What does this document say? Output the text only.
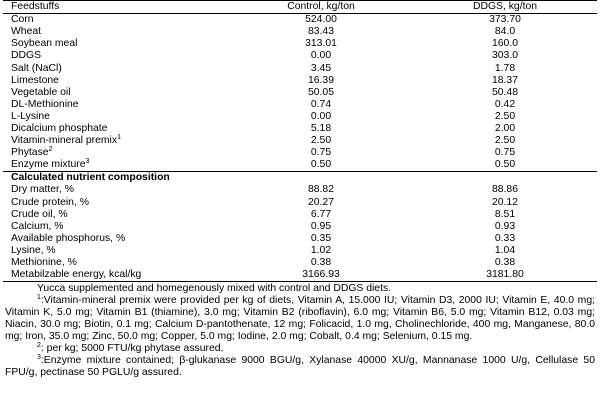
Feedstuffs	Control, kg/ton	DDGS, kg/ton
Corn	524.00	373.70
Wheat	83.43	84.0
Soybean meal	313.01	160.0
DDGS	0.00	303.0
Salt (NaCl)	3.45	1.78
Limestone	16.39	18.37
Vegetable oil	50.05	50.48
DL-Methionine	0.74	0.42
L-Lysine	0.00	2.50
Dicalcium phosphate	5.18	2.00
Vitamin-mineral premix$^1$	2.50	2.50
Phytase$^2$	0.75	0.75
Enzyme mixture$^3$	0.50	0.50
Calculated nutrient composition		
Dry matter, %	88.82	88.86
Crude protein, %	20.27	20.12
Crude oil, %	6.77	8.51
Calcium, %	0.95	0.93
Available phosphorus, %	0.35	0.33
Lysine, %	1.02	1.04
Methionine, %	0.38	0.38
Metabilzable energy, kcal/kg	3166.93	3181.80

Yucca supplemented and homegenously mixed with control and DDGS diets.

$^1$:Vitamin-mineral premix were provided per kg of diets, Vitamin A, 15.000 IU; Vitamin D3, 2000 IU; Vitamin E, 40.0 mg; Vitamin K, 5.0 mg; Vitamin B1 (thiamine), 3.0 mg; Vitamin B2 (riboflavin), 6.0 mg; Vitamin B6, 5.0 mg; Vitamin B12, 0.03 mg; Niacin, 30.0 mg; Biotin, 0.1 mg; Calcium D-pantothenate, 12 mg; Folicacid, 1.0 mg, Cholinechloride, 400 mg, Manganese, 80.0 mg; Iron, 35.0 mg; Zinc, 50.0 mg; Copper, 5.0 mg; Iodine, 2.0 mg; Cobalt, 0.4 mg; Selenium, 0.15 mg.

$^2$: per kg; 5000 FTU/kg phytase assured.

$^3$:Enzyme mixture contained; β-glukanase 9000 BGU/g, Xylanase 40000 XU/g, Mannanase 1000 U/g, Cellulase 50 FPU/g, pectinase 50 PGLU/g assured.
